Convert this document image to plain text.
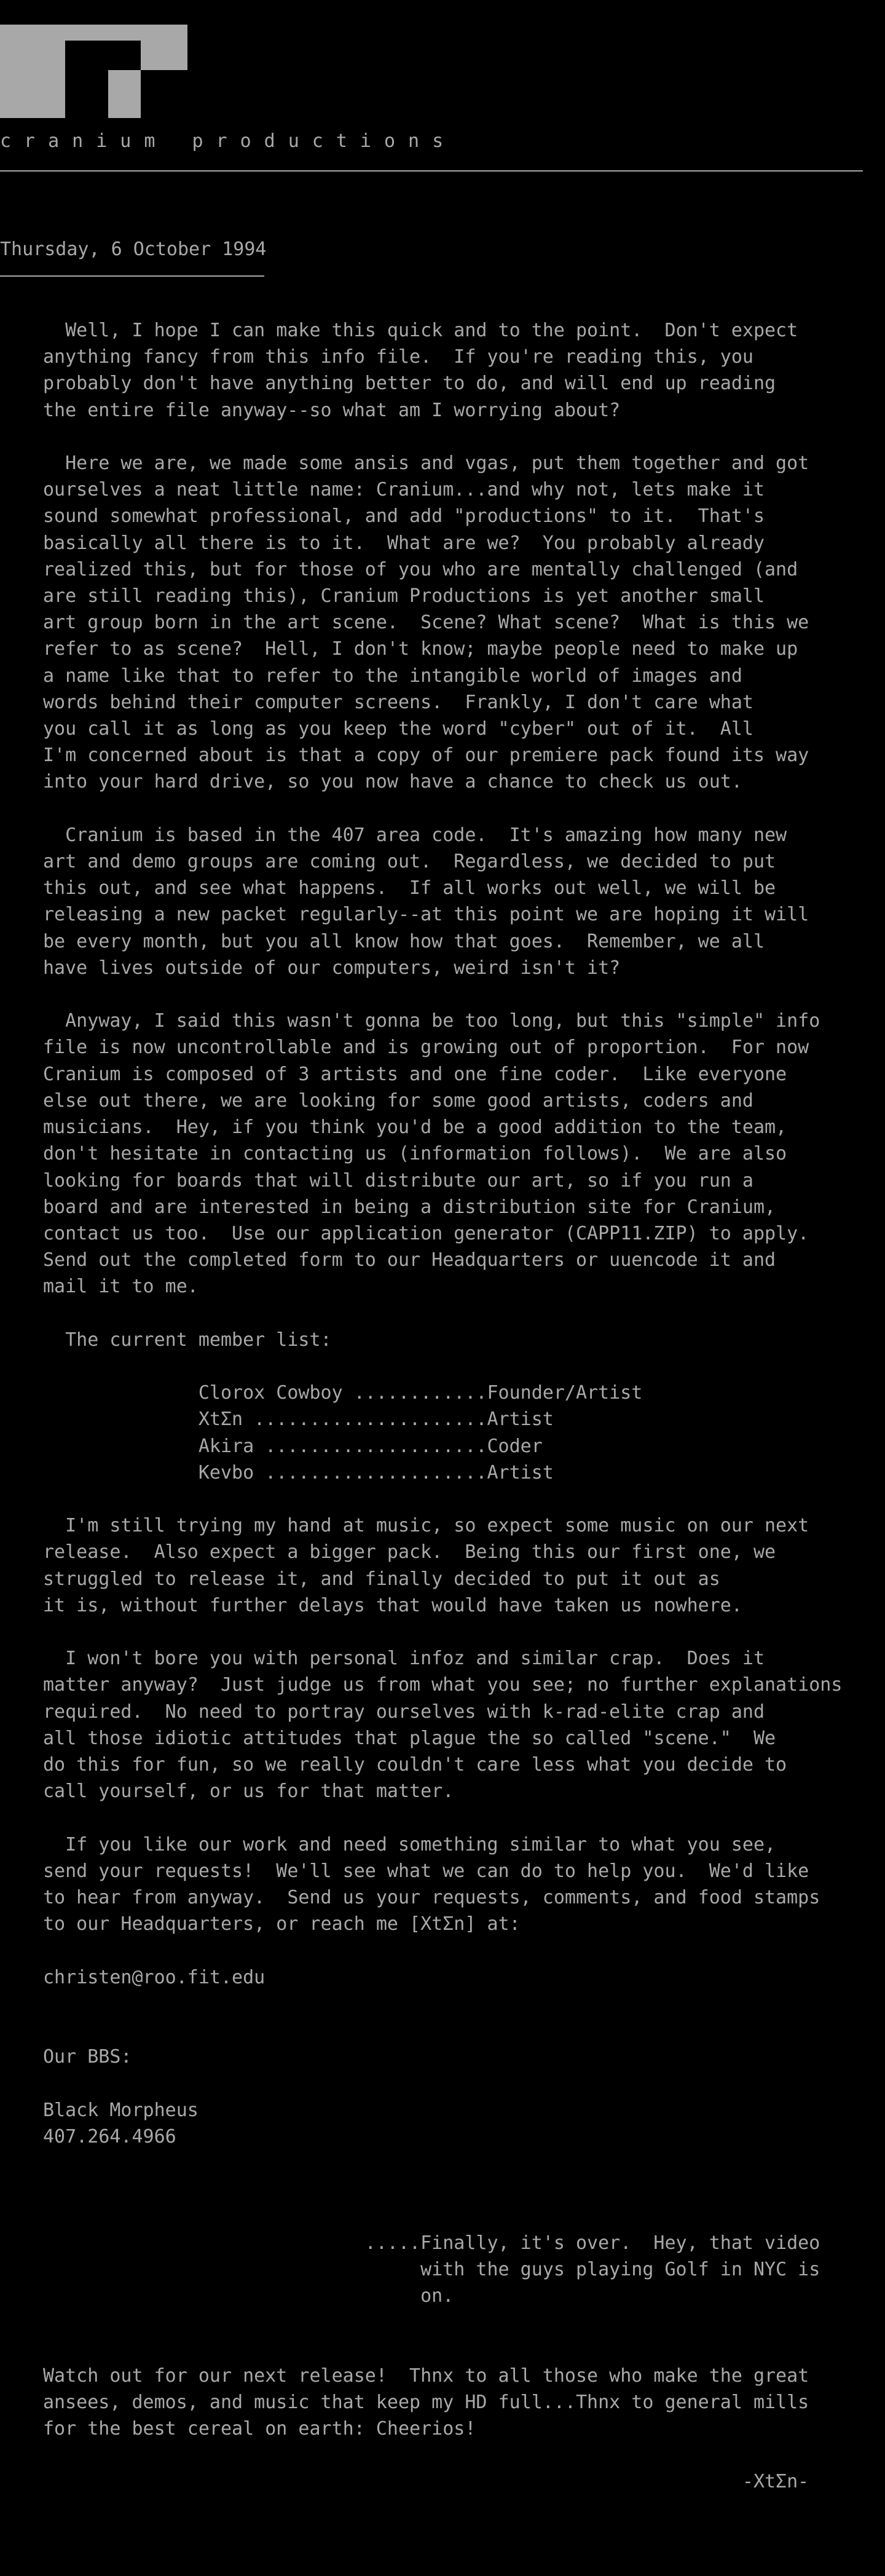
cranium productions
Thursday, 6 October 1994
Well, I hope I can make this quick and to the point.  Don't expect
anything fancy from this info file.  If you're reading this, you
probably don't have anything better to do, and will end up reading
the entire file anyway--so what am I worrying about?

Here we are, we made some ansis and vgas, put them together and got
ourselves a neat little name: Cranium...and why not, lets make it
sound somewhat professional, and add "productions" to it.  That's
basically all there is to it.  What are we?  You probably already
realized this, but for those of you who are mentally challenged (and
are still reading this), Cranium Productions is yet another small
art group born in the art scene.  Scene? What scene?  What is this we
refer to as scene?  Hell, I don't know; maybe people need to make up
a name like that to refer to the intangible world of images and
words behind their computer screens.  Frankly, I don't care what
you call it as long as you keep the word "cyber" out of it.  All
I'm concerned about is that a copy of our premiere pack found its way
into your hard drive, so you now have a chance to check us out.

Cranium is based in the 407 area code.  It's amazing how many new
art and demo groups are coming out.  Regardless, we decided to put
this out, and see what happens.  If all works out well, we will be
releasing a new packet regularly--at this point we are hoping it will
be every month, but you all know how that goes.  Remember, we all
have lives outside of our computers, weird isn't it?

Anyway, I said this wasn't gonna be too long, but this "simple" info
file is now uncontrollable and is growing out of proportion.  For now
Cranium is composed of 3 artists and one fine coder.  Like everyone
else out there, we are looking for some good artists, coders and
musicians.  Hey, if you think you'd be a good addition to the team,
don't hesitate in contacting us (information follows).  We are also
looking for boards that will distribute our art, so if you run a
board and are interested in being a distribution site for Cranium,
contact us too.  Use our application generator (CAPP11.ZIP) to apply.
Send out the completed form to our Headquarters or uuencode it and
mail it to me.

The current member list:

Clorox Cowboy ............Founder/Artist
XtΣn .....................Artist
Akira ....................Coder
Kevbo ....................Artist

I'm still trying my hand at music, so expect some music on our next
release.  Also expect a bigger pack.  Being this our first one, we
struggled to release it, and finally decided to put it out as
it is, without further delays that would have taken us nowhere.

I won't bore you with personal infoz and similar crap.  Does it
matter anyway?  Just judge us from what you see; no further explanations
required.  No need to portray ourselves with k-rad-elite crap and
all those idiotic attitudes that plague the so called "scene."  We
do this for fun, so we really couldn't care less what you decide to
call yourself, or us for that matter.

If you like our work and need something similar to what you see,
send your requests!  We'll see what we can do to help you.  We'd like
to hear from anyway.  Send us your requests, comments, and food stamps
to our Headquarters, or reach me [XtΣn] at:

christen@roo.fit.edu

Our BBS:

Black Morpheus
407.264.4966

.....Finally, it's over.  Hey, that video
with the guys playing Golf in NYC is
on.

Watch out for our next release!  Thnx to all those who make the great
ansees, demos, and music that keep my HD full...Thnx to general mills
for the best cereal on earth: Cheerios!

-XtΣn-
